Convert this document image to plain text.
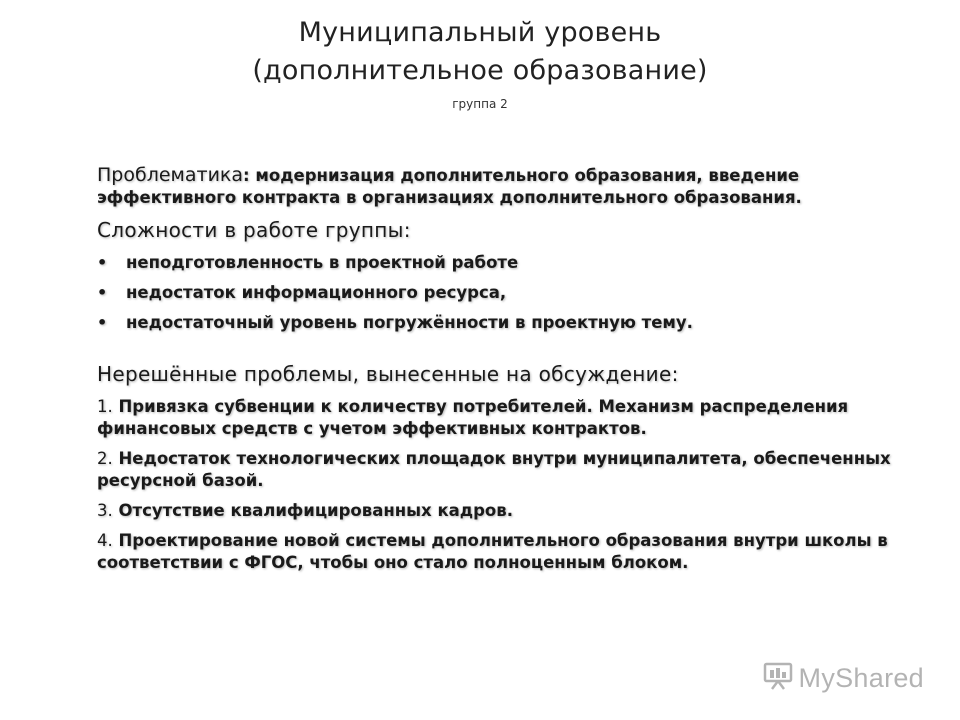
Муниципальный уровень
(дополнительное образование)
группа 2

Проблематика: модернизация дополнительного образования, введение эффективного контракта в организациях дополнительного образования.

Сложности в работе группы:
• неподготовленность в проектной работе
• недостаток информационного ресурса,
• недостаточный уровень погружённости в проектную тему.
Нерешённые проблемы, вынесенные на обсуждение:

1. Привязка субвенции к количеству потребителей. Механизм распределения финансовых средств с учетом эффективных контрактов.

2. Недостаток технологических площадок внутри муниципалитета, обеспеченных ресурсной базой.

3. Отсутствие квалифицированных кадров.

4. Проектирование новой системы дополнительного образования внутри школы в соответствии с ФГОС, чтобы оно стало полноценным блоком.

MyShared
